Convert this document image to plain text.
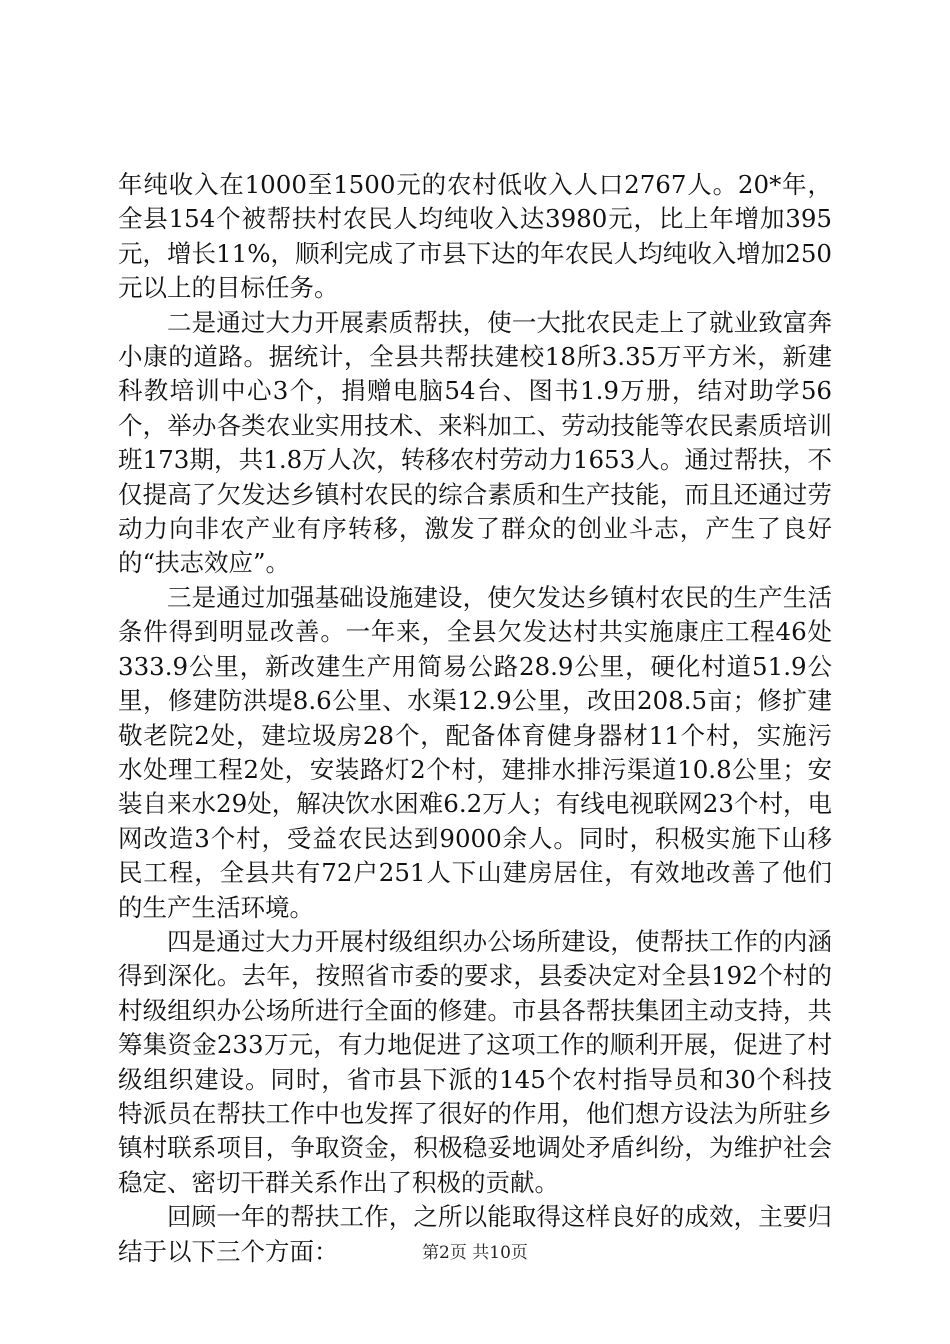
年纯收入在1000至1500元的农村低收入人口2767人。20*年，全县154个被帮扶村农民人均纯收入达3980元，比上年增加395元，增长11%，顺利完成了市县下达的年农民人均纯收入增加250元以上的目标任务。

二是通过大力开展素质帮扶，使一大批农民走上了就业致富奔小康的道路。据统计，全县共帮扶建校18所3.35万平方米，新建科教培训中心3个，捐赠电脑54台、图书1.9万册，结对助学56个，举办各类农业实用技术、来料加工、劳动技能等农民素质培训班173期，共1.8万人次，转移农村劳动力1653人。通过帮扶，不仅提高了欠发达乡镇村农民的综合素质和生产技能，而且还通过劳动力向非农产业有序转移，激发了群众的创业斗志，产生了良好的“扶志效应”。

三是通过加强基础设施建设，使欠发达乡镇村农民的生产生活条件得到明显改善。一年来，全县欠发达村共实施康庄工程46处333.9公里，新改建生产用简易公路28.9公里，硬化村道51.9公里，修建防洪堤8.6公里、水渠12.9公里，改田208.5亩；修扩建敬老院2处，建垃圾房28个，配备体育健身器材11个村，实施污水处理工程2处，安装路灯2个村，建排水排污渠道10.8公里；安装自来水29处，解决饮水困难6.2万人；有线电视联网23个村，电网改造3个村，受益农民达到9000余人。同时，积极实施下山移民工程，全县共有72户251人下山建房居住，有效地改善了他们的生产生活环境。

四是通过大力开展村级组织办公场所建设，使帮扶工作的内涵得到深化。去年，按照省市委的要求，县委决定对全县192个村的村级组织办公场所进行全面的修建。市县各帮扶集团主动支持，共筹集资金233万元，有力地促进了这项工作的顺利开展，促进了村级组织建设。同时，省市县下派的145个农村指导员和30个科技特派员在帮扶工作中也发挥了很好的作用，他们想方设法为所驻乡镇村联系项目，争取资金，积极稳妥地调处矛盾纠纷，为维护社会稳定、密切干群关系作出了积极的贡献。

回顾一年的帮扶工作，之所以能取得这样良好的成效，主要归结于以下三个方面：	第2页 共10页
